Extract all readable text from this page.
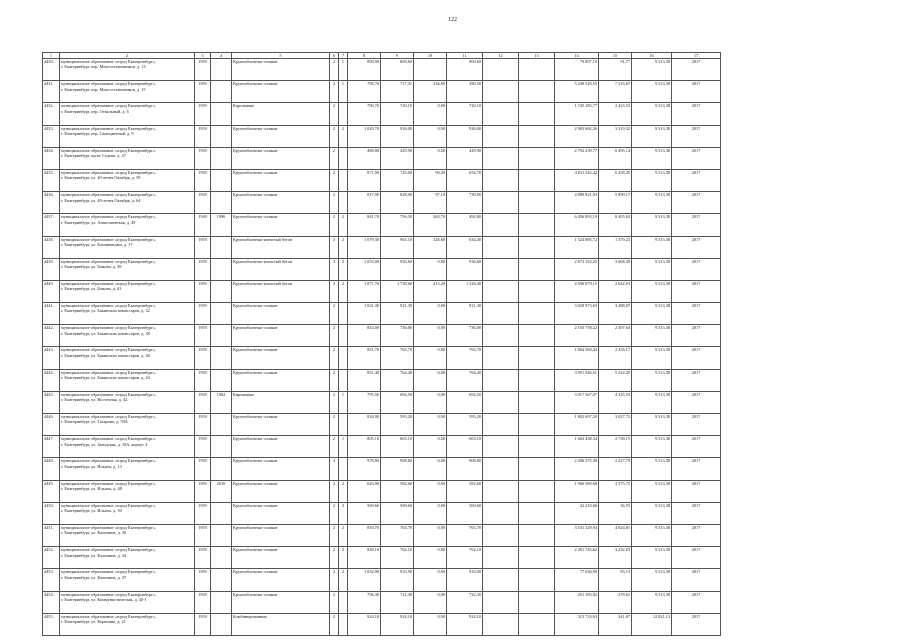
122
1	2	3	4	5	6	7	8	9	10	11	12	13	14	15	16	17
4430.	муниципальное образование «город Екатеринбург»,
г. Екатеринбург, пер. Многостаночников, д. 13	1959		Крупноблочные силикат	2	1	890,90	869,60		869,60			79 807,10	91,77	9 313,38	2017
4431.	муниципальное образование «город Екатеринбург»,
г. Екатеринбург, пер. Многостаночников, д. 15	1959		Крупноблочные силикат	2	1	796,70	717,31	336,80	380,50			5 248 329,55	7 316,67	9 313,38	2017
4432.	муниципальное образование «город Екатеринбург»,
г. Екатеринбург, пер. Отвальный, д. 6	1959		Кирпичные	2		790,70	720,10	0,00	720,10			1 745 185,77	2 423,53	9 313,38	2017
4433.	муниципальное образование «город Екатеринбург»,
г. Екатеринбург, пер. Самоцветный, д. 9	1959		Крупноблочные силикат	2	2	1 029,70	926,00	0,00	926,00			2 983 682,26	3 219,32	9 313,38	2017
4434.	муниципальное образование «город Екатеринбург»,
г. Екатеринбург, пр-кт Седова, д. 47	1959		Крупноблочные силикат	2		488,80	429,90	0,00	429,90			2 792 239,77	6 495,14	9 313,38	2017
4435.	муниципальное образование «город Екатеринбург»,
г. Екатеринбург, ул. 40-летия Октября, д. 59	1959		Крупноблочные силикат	2		871,00	745,00	90,30	654,70			4 811 542,42	6 458,45	9 313,38	2017
4436.	муниципальное образование «город Екатеринбург»,
г. Екатеринбург, ул. 40-летия Октября, д. 64	1959		Крупноблочные силикат	2		817,90	828,00	97,10	730,90			4 889 821,03	5 899,17	9 313,38	2017
4437.	муниципальное образование «город Екатеринбург»,
г. Екатеринбург, ул. Анатолиевская, д. 49	1949	1996	Крупноблочные силикат	2	2	841,70	756,50	263,70	492,80			6 456 893,19	8 405,63	9 313,38	2017
4438.	муниципальное образование «город Екатеринбург»,
г. Екатеринбург, ул. Бахчиванджи, д. 17	1959		Крупноблочные ячеистый бетон	3	2	1 079,30	961,10	326,60	634,40			1 324 885,72	1 379,23	9 313,38	2017
4439.	муниципальное образование «город Екатеринбург»,
г. Екатеринбург, ул. Бажова, д. 39	1959		Крупноблочные ячеистый бетон	3	2	1 053,00	936,60	0,00	936,60			2 872 192,25	3 068,49	9 313,38	2017
4440.	муниципальное образование «город Екатеринбург»,
г. Екатеринбург, ул. Бажова, д. 41	1959		Крупноблочные ячеистый бетон	3	2	1 871,70	1 739,60	413,20	1 326,40			4 596 079,15	2 642,03	9 313,38	2017
4441.	муниципальное образование «город Екатеринбург»,
г. Екатеринбург, ул. Бакинских комиссаров, д. 32	1959		Крупноблочные силикат	2		1 021,30	921,30	0,00	921,30			3 028 973,63	3 288,07	9 313,38	2017
4442.	муниципальное образование «город Екатеринбург»,
г. Екатеринбург, ул. Бакинских комиссаров, д. 38	1959		Крупноблочные силикат	2		843,00	736,00	0,00	736,00			2 105 758,22	2 497,64	9 313,38	2017
4443.	муниципальное образование «город Екатеринбург»,
г. Екатеринбург, ул. Бакинских комиссаров, д. 46	1959		Крупноблочные силикат	2		851,70	765,70	0,00	765,70			1 864 569,44	2 435,17	9 313,38	2017
4444.	муниципальное образование «город Екатеринбург»,
г. Екатеринбург, ул. Бакинских комиссаров, д. 44	1959		Крупноблочные силикат	2		851,40	764,40	0,00	764,40			3 991 946,61	5 222,20	9 313,38	2017
4445.	муниципальное образование «город Екатеринбург»,
г. Екатеринбург, ул. Восточная, д. 42	1959	1962	Кирпичные	2	1	795,50	694,50	0,00	694,50			3 017 367,07	4 345,53	9 313,38	2017
4446.	муниципальное образование «город Екатеринбург»,
г. Екатеринбург, ул. Гагарина, д. 59А	1959		Крупноблочные силикат	2		834,90	595,20	0,00	595,20			1 802 697,20	3 027,72	9 313,38	2017
4447.	муниципальное образование «город Екатеринбург»,
г. Екатеринбург, ул. Заводская, д. 10А, корпус 4	1959		Крупноблочные силикат	2	1	805,10	603,10	0,00	603,10			1 663 438,34	2 758,15	9 313,38	2017
4448.	муниципальное образование «город Екатеринбург»,
г. Екатеринбург, ул. Ильича, д. 13	1959		Крупноблочные силикат	3		978,80	908,80	0,00	908,80			2 206 375,38	2 427,79	9 313,38	2017
4449.	муниципальное образование «город Екатеринбург»,
г. Екатеринбург, ул. Ильича, д. 48	1959	2010	Крупноблочные силикат	2	2	645,90	582,60	0,00	582,60			1 966 569,68	3 375,75	9 313,38	2017
4450.	муниципальное образование «город Екатеринбург»,
г. Екатеринбург, ул. Ильича, д. 50	1959		Крупноблочные силикат	2	2	569,60	569,60	0,00	569,60			32 210,66	56,55	9 313,38	2017
4451.	муниципальное образование «город Екатеринбург»,
г. Екатеринбург, ул. Калинина, д. 30	1959		Крупноблочные силикат	2	2	850,70	763,70	0,00	763,70			3 541 329,94	4 624,81	9 313,38	2017
4452.	муниципальное образование «город Екатеринбург»,
г. Екатеринбург, ул. Калинина, д. 34	1959		Крупноблочные силикат	2	2	848,10	762,10	0,00	762,10			2 491 745,62	3 232,03	9 313,38	2017
4453.	муниципальное образование «город Екатеринбург»,
г. Екатеринбург, ул. Калинина, д. 37	1959		Крупноблочные силикат	2	2	1 032,90	933,90	0,00	933,90			77 636,90	83,13	9 313,38	2017
4454.	муниципальное образование «город Екатеринбург»,
г. Екатеринбург, ул. Коммунистическая, д. 45-1	1959		Крупноблочные силикат	2		796,30	722,30	0,00	722,30			201 195,82	278,61	9 313,38	2017
4455.	муниципальное образование «город Екатеринбург»,
г. Екатеринбург, ул. Корепина, д. 21	1959		Комбинированные	2		924,10	924,10	0,00	924,10			315 733,63	341,67	12 821,13	2017
